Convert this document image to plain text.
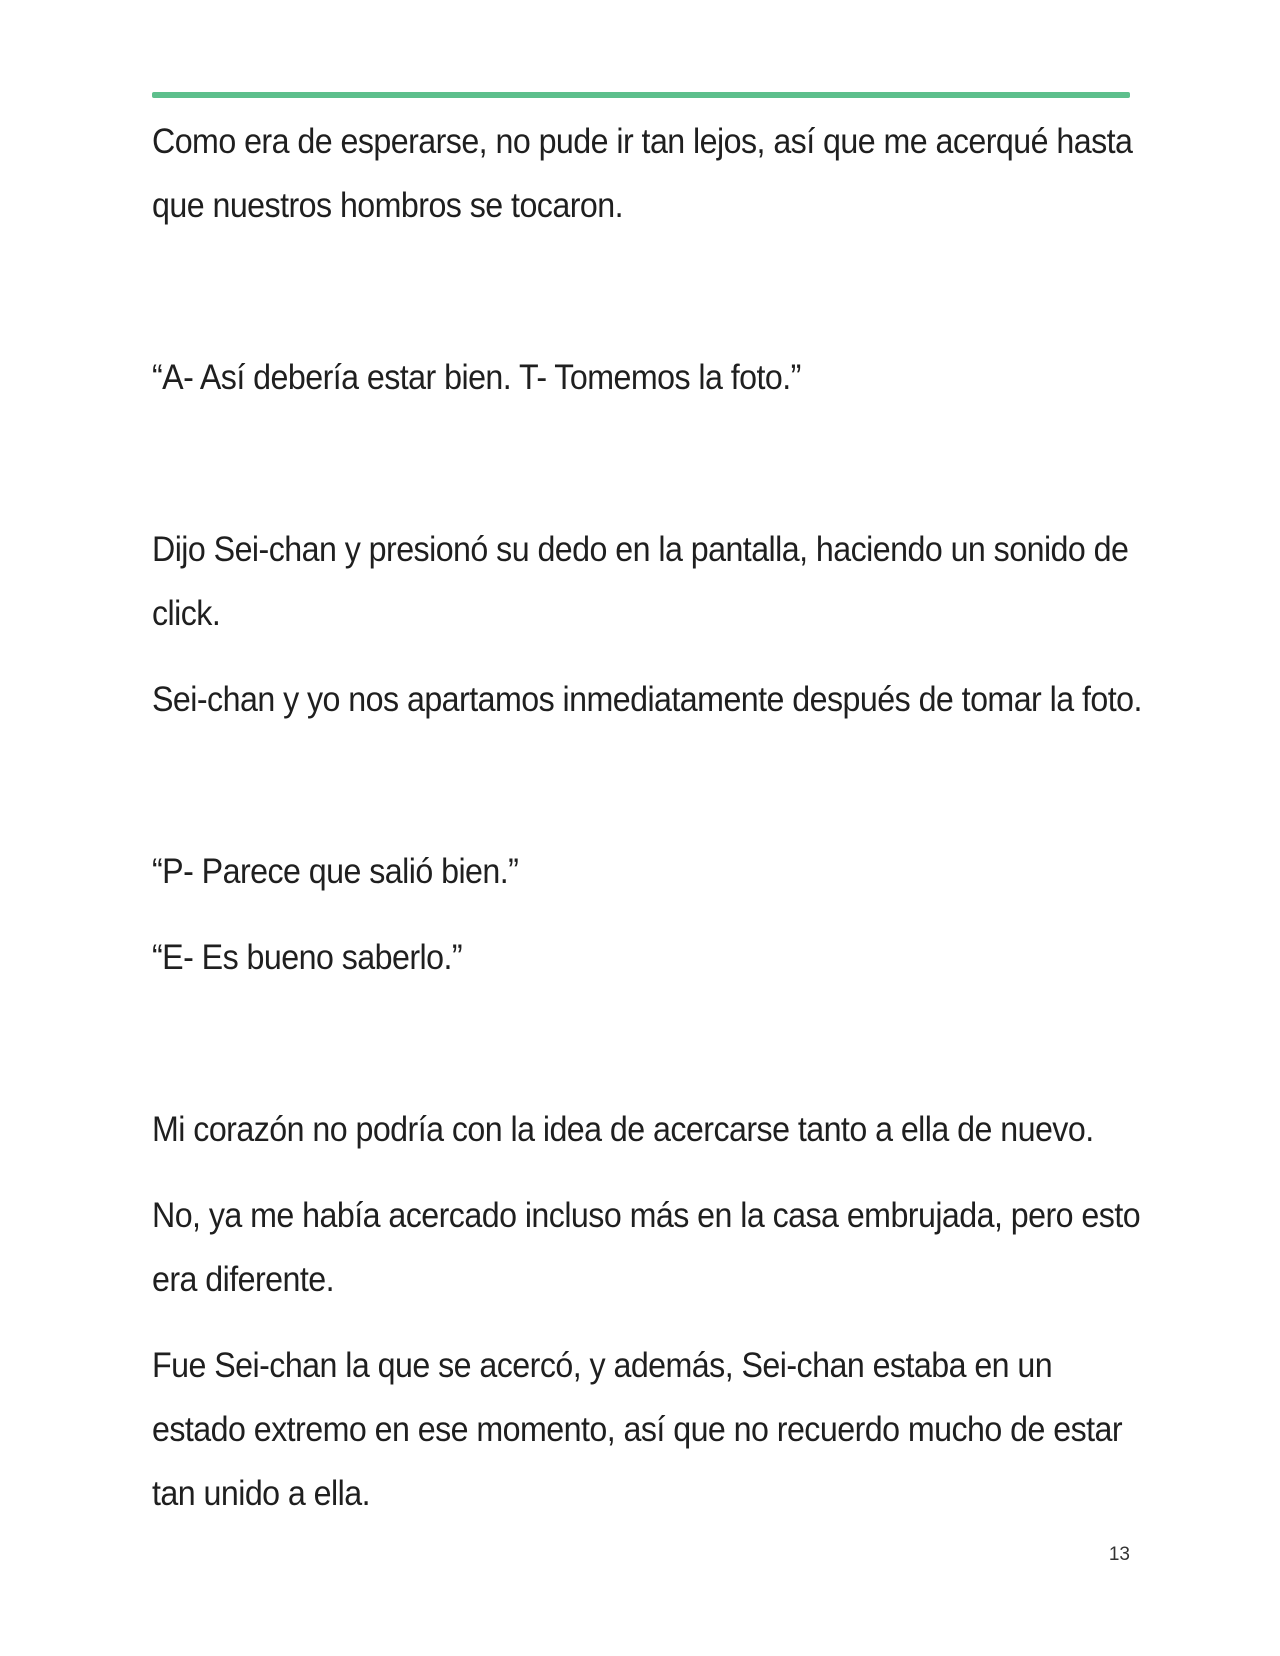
Como era de esperarse, no pude ir tan lejos, así que me acerqué hasta que nuestros hombros se tocaron.

“A- Así debería estar bien. T- Tomemos la foto.”

Dijo Sei-chan y presionó su dedo en la pantalla, haciendo un sonido de click.

Sei-chan y yo nos apartamos inmediatamente después de tomar la foto.

“P- Parece que salió bien.”

“E- Es bueno saberlo.”

Mi corazón no podría con la idea de acercarse tanto a ella de nuevo.

No, ya me había acercado incluso más en la casa embrujada, pero esto era diferente.

Fue Sei-chan la que se acercó, y además, Sei-chan estaba en un estado extremo en ese momento, así que no recuerdo mucho de estar tan unido a ella.

13
